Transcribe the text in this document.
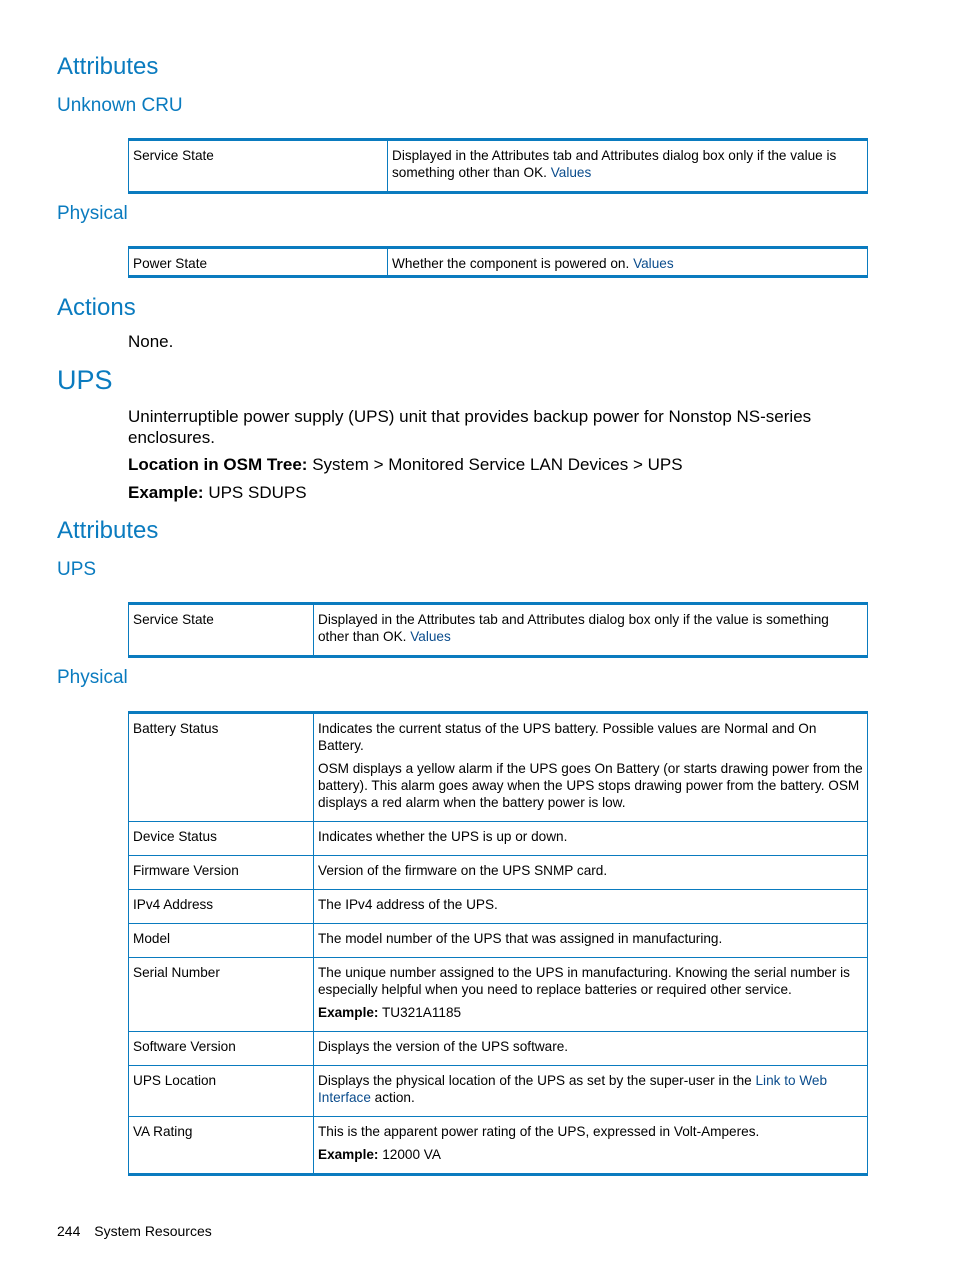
Attributes
Unknown CRU
Service State	Displayed in the Attributes tab and Attributes dialog box only if the value is something other than OK. Values
Physical
Power State	Whether the component is powered on. Values
Actions

None.

UPS

Uninterruptible power supply (UPS) unit that provides backup power for Nonstop NS-series enclosures.

Location in OSM Tree: System > Monitored Service LAN Devices > UPS

Example: UPS SDUPS

Attributes
UPS
Service State	Displayed in the Attributes tab and Attributes dialog box only if the value is something other than OK. Values
Physical
Battery Status	Indicates the current status of the UPS battery. Possible values are Normal and On Battery.
OSM displays a yellow alarm if the UPS goes On Battery (or starts drawing power from the battery). This alarm goes away when the UPS stops drawing power from the battery. OSM displays a red alarm when the battery power is low.

Device Status	Indicates whether the UPS is up or down.
Firmware Version	Version of the firmware on the UPS SNMP card.
IPv4 Address	The IPv4 address of the UPS.
Model	The model number of the UPS that was assigned in manufacturing.
Serial Number	The unique number assigned to the UPS in manufacturing. Knowing the serial number is especially helpful when you need to replace batteries or required other service.
Example: TU321A1185

Software Version	Displays the version of the UPS software.
UPS Location	Displays the physical location of the UPS as set by the super-user in the Link to Web Interface action.
VA Rating	This is the apparent power rating of the UPS, expressed in Volt-Amperes.
Example: 12000 VA
244 System Resources
